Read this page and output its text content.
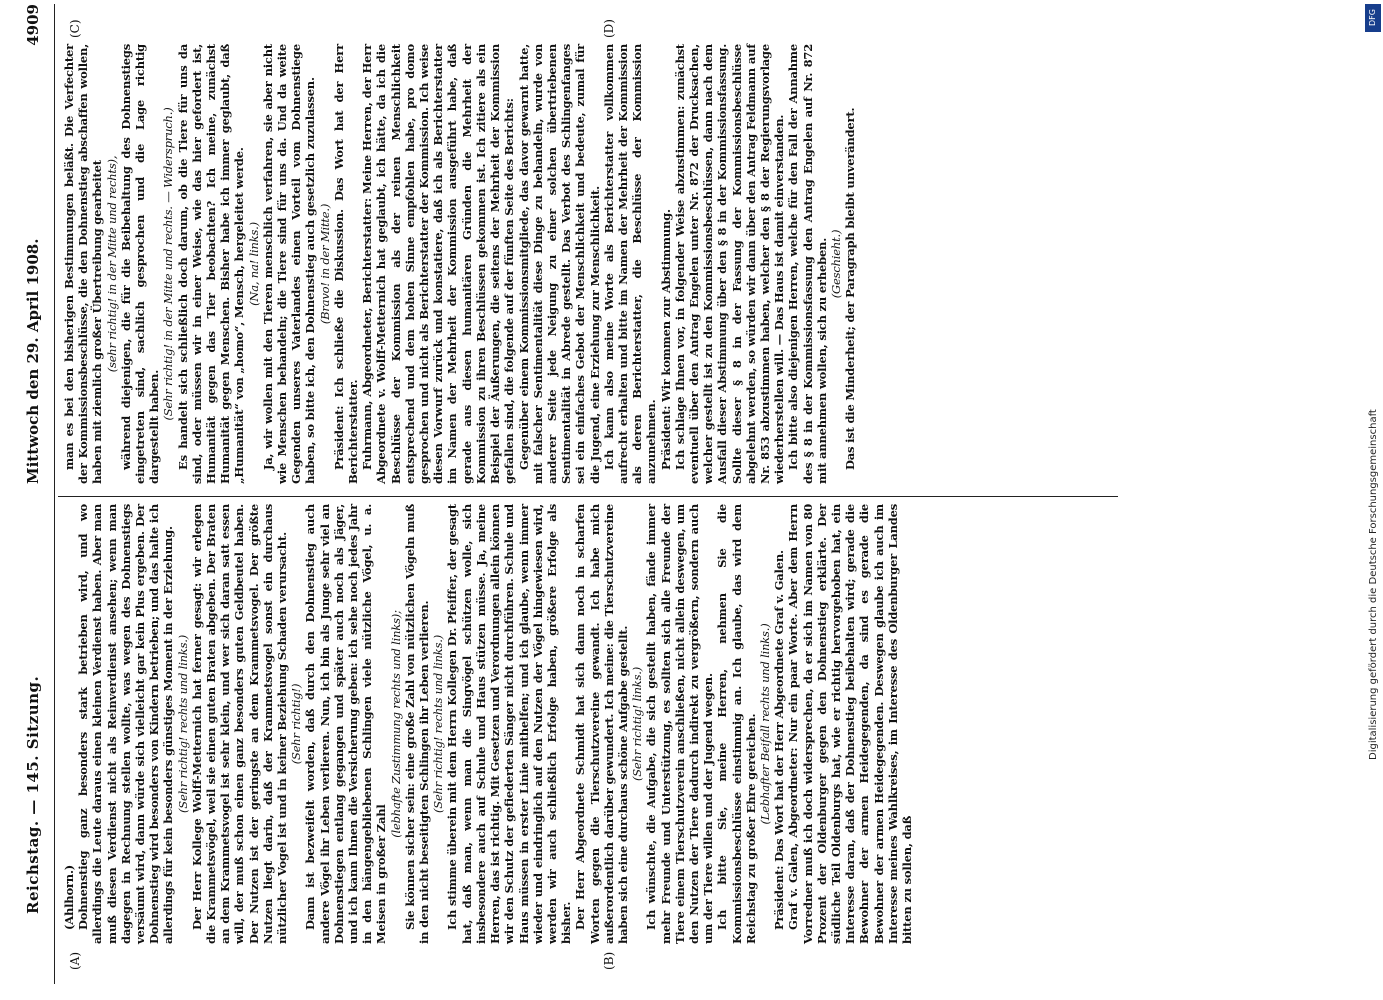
Reichstag. — 145. Sitzung.
Mittwoch den 29. April 1908.
4909
(A)	(B)
(C)	(D)

(Ahlhorn.) Dohnenstieg ganz besonders stark betrieben wird, und wo allerdings die Leute daraus einen kleinen Verdienst haben. Aber man muß diesen Verdienst nicht als Reinverdienst ansehen; wenn man dagegen in Rechnung stellen wollte, was wegen des Dohnenstiegs versäumt wird, dann würde sich vielleicht gar kein Plus ergeben. Der Dohnenstieg wird besonders von Kindern betrieben; und das halte ich allerdings für kein besonders günstiges Moment in der Erziehung. (Sehr richtig! rechts und links.) Der Herr Kollege Wolff-Metternich hat ferner gesagt: wir erlegen die Krammetsvögel, weil sie einen guten Braten abgeben. Der Braten an dem Krammetsvogel ist sehr klein, und wer sich daran satt essen will, der muß schon einen ganz besonders guten Geldbeutel haben. Der Nutzen ist der geringste an dem Krammetsvogel. Der größte Nutzen liegt darin, daß der Krammetsvogel sonst ein durchaus nützlicher Vogel ist und in keiner Beziehung Schaden verursacht. (Sehr richtig!) Dann ist bezweifelt worden, daß durch den Dohnenstieg auch andere Vögel ihr Leben verlieren. Nun, ich bin als Junge sehr viel an Dohnenstiegen entlang gegangen und später auch noch als Jäger, und ich kann Ihnen die Versicherung geben: ich sehe noch jedes Jahr in den hängengebliebenen Schlingen viele nützliche Vögel, u. a. Meisen in großer Zahl

(lebhafte Zustimmung rechts und links); Sie können sicher sein: eine große Zahl von nützlichen Vögeln muß in den nicht beseitigten Schlingen ihr Leben verlieren. (Sehr richtig! rechts und links.) Ich stimme überein mit dem Herrn Kollegen Dr. Pfeiffer, der gesagt hat, daß man, wenn man die Singvögel schützen wolle, sich insbesondere auch auf Schule und Haus stützen müsse. Ja, meine Herren, das ist richtig. Mit Gesetzen und Verordnungen allein können wir den Schutz der gefiederten Sänger nicht durchführen. Schule und Haus müssen in erster Linie mithelfen; und ich glaube, wenn immer wieder und eindringlich auf den Nutzen der Vögel hingewiesen wird, werden wir auch schließlich Erfolge haben, größere Erfolge als bisher. Der Herr Abgeordnete Schmidt hat sich dann noch in scharfen Worten gegen die Tierschutzvereine gewandt. Ich habe mich außerordentlich darüber gewundert. Ich meine: die Tierschutzvereine haben sich eine durchaus schöne Aufgabe gestellt. (Sehr richtig! links.) Ich wünschte, die Aufgabe, die sich gestellt haben, fände immer mehr Freunde und Unterstützung, es sollten sich alle Freunde der Tiere einem Tierschutzverein anschließen, nicht allein deswegen, um den Nutzen der Tiere dadurch indirekt zu vergrößern, sondern auch um der Tiere willen und der Jugend wegen. Ich bitte Sie, meine Herren, nehmen Sie die Kommissionsbeschlüsse einstimmig an. Ich glaube, das wird dem Reichstag zu großer Ehre gereichen. (Lebhafter Beifall rechts und links.) Präsident: Das Wort hat der Herr Abgeordnete Graf v. Galen. Graf v. Galen, Abgeordneter: Nur ein paar Worte. Aber dem Herrn Vorredner muß ich doch widersprechen, da er sich im Namen von 80 Prozent der Oldenburger gegen den Dohnenstieg erklärte. Der südliche Teil Oldenburgs hat, wie er richtig hervorgehoben hat, ein Interesse daran, daß der Dohnenstieg beibehalten wird; gerade die Bewohner der armen Heidegegenden, da sind es gerade die Bewohner der armen Heidegegenden. Deswegen glaube ich auch im Interesse meines Wahlkreises, im Interesse des Oldenburger Landes bitten zu sollen, daß

man es bei den bisherigen Bestimmungen beläßt. Die Verfechter der Kommissionsbeschlüsse, die den Dohnenstieg abschaffen wollen, haben mit ziemlich großer Übertreibung gearbeitet (sehr richtig! in der Mitte und rechts), während diejenigen, die für die Beibehaltung des Dohnenstiegs eingetreten sind, sachlich gesprochen und die Lage richtig dargestellt haben.

(Sehr richtig! in der Mitte und rechts. — Widerspruch.) Es handelt sich schließlich doch darum, ob die Tiere für uns da sind, oder müssen wir in einer Weise, wie das hier gefordert ist, Humanität gegen das Tier beobachten? Ich meine, zunächst Humanität gegen Menschen. Bisher habe ich immer geglaubt, daß „Humanität“ von „homo“, Mensch, hergeleitet werde. (Na, na! links.) Ja, wir wollen mit den Tieren menschlich verfahren, sie aber nicht wie Menschen behandeln; die Tiere sind für uns da. Und da weite Gegenden unseres Vaterlandes einen Vorteil vom Dohnenstiege haben, so bitte ich, den Dohnenstieg auch gesetzlich zuzulassen. (Bravo! in der Mitte.) Präsident: Ich schließe die Diskussion. Das Wort hat der Herr Berichterstatter. Fuhrmann, Abgeordneter, Berichterstatter: Meine Herren, der Herr Abgeordnete v. Wolff-Metternich hat geglaubt, ich hätte, da ich die Beschlüsse der Kommission als der reinen Menschlichkeit entsprechend und dem hohen Sinne empfohlen habe, pro domo gesprochen und nicht als Berichterstatter der Kommission. Ich weise diesen Vorwurf zurück und konstatiere, daß ich als Berichterstatter im Namen der Mehrheit der Kommission ausgeführt habe, daß gerade aus diesen humanitären Gründen die Mehrheit der Kommission zu ihren Beschlüssen gekommen ist. Ich zitiere als ein Beispiel der Äußerungen, die seitens der Mehrheit der Kommission gefallen sind, die folgende auf der fünften Seite des Berichts: Gegenüber einem Kommissionsmitgliede, das davor gewarnt hatte, mit falscher Sentimentalität diese Dinge zu behandeln, wurde von anderer Seite jede Neigung zu einer solchen übertriebenen Sentimentalität in Abrede gestellt. Das Verbot des Schlingenfanges sei ein einfaches Gebot der Menschlichkeit und bedeute, zumal für die Jugend, eine Erziehung zur Menschlichkeit. Ich kann also meine Worte als Berichterstatter vollkommen aufrecht erhalten und bitte im Namen der Mehrheit der Kommission als deren Berichterstatter, die Beschlüsse der Kommission anzunehmen. Präsident: Wir kommen zur Abstimmung. Ich schlage Ihnen vor, in folgender Weise abzustimmen: zunächst eventuell über den Antrag Engelen unter Nr. 872 der Drucksachen, welcher gestellt ist zu den Kommissionsbeschlüssen, dann nach dem Ausfall dieser Abstimmung über den § 8 in der Kommissionsfassung. Sollte dieser § 8 in der Fassung der Kommissionsbeschlüsse abgelehnt werden, so würden wir dann über den Antrag Feldmann auf Nr. 853 abzustimmen haben, welcher den § 8 der Regierungsvorlage wiederherstellen will. — Das Haus ist damit einverstanden. Ich bitte also diejenigen Herren, welche für den Fall der Annahme des § 8 in der Kommissionsfassung den Antrag Engelen auf Nr. 872 mit annehmen wollen, sich zu erheben. (Geschieht.) Das ist die Minderheit; der Paragraph bleibt unverändert.

DFG
Digitalisierung gefördert durch die Deutsche Forschungsgemeinschaft
